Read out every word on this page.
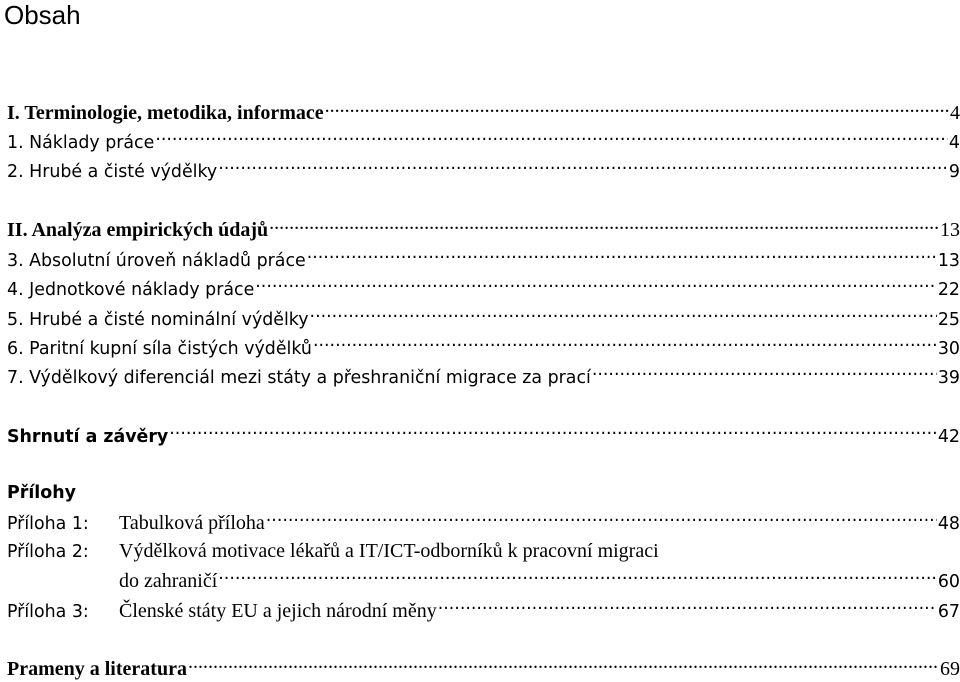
Obsah
I. Terminologie, metodika, informace .....	4
1. Náklady práce .....	4
2. Hrubé a čisté výdělky .....	9
II. Analýza empirických údajů .....	13
3. Absolutní úroveň nákladů práce .....	13
4. Jednotkové náklady práce .....	22
5. Hrubé a čisté nominální výdělky .....	25
6. Paritní kupní síla čistých výdělků .....	30
7. Výdělkový diferenciál mezi státy a přeshraniční migrace za prací .....	39
Shrnutí a závěry .....	42
Přílohy
Příloha 1:	Tabulková příloha .....	48
Příloha 2:	Výdělková motivace lékařů a IT/ICT-odborníků k pracovní migraci
do zahraničí .....	60
Příloha 3:	Členské státy EU a jejich národní měny .....	67
Prameny a literatura .....	69
